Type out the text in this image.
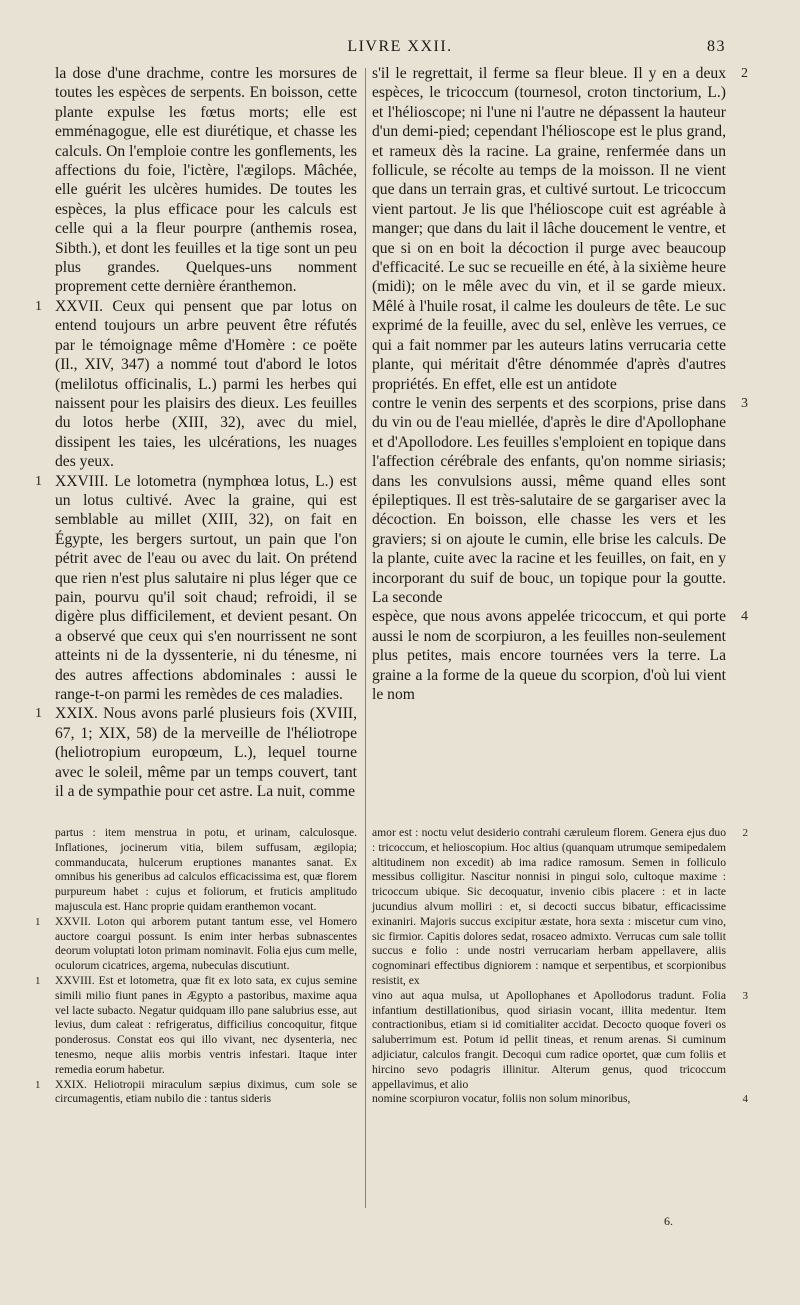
LIVRE XXII.	83

la dose d'une drachme, contre les morsures de toutes les espèces de serpents. En boisson, cette plante expulse les fœtus morts; elle est emménagogue, elle est diurétique, et chasse les calculs. On l'emploie contre les gonflements, les affections du foie, l'ictère, l'ægilops. Mâchée, elle guérit les ulcères humides. De toutes les espèces, la plus efficace pour les calculs est celle qui a la fleur pourpre (anthemis rosea, Sibth.), et dont les feuilles et la tige sont un peu plus grandes. Quelques-uns nomment proprement cette dernière éranthemon.

1 XXVII. Ceux qui pensent que par lotus on entend toujours un arbre peuvent être réfutés par le témoignage même d'Homère : ce poëte (Il., XIV, 347) a nommé tout d'abord le lotos (melilotus officinalis, L.) parmi les herbes qui naissent pour les plaisirs des dieux. Les feuilles du lotos herbe (XIII, 32), avec du miel, dissipent les taies, les ulcérations, les nuages des yeux.

1 XXVIII. Le lotometra (nymphœa lotus, L.) est un lotus cultivé. Avec la graine, qui est semblable au millet (XIII, 32), on fait en Égypte, les bergers surtout, un pain que l'on pétrit avec de l'eau ou avec du lait. On prétend que rien n'est plus salutaire ni plus léger que ce pain, pourvu qu'il soit chaud; refroidi, il se digère plus difficilement, et devient pesant. On a observé que ceux qui s'en nourrissent ne sont atteints ni de la dyssenterie, ni du ténesme, ni des autres affections abdominales : aussi le range-t-on parmi les remèdes de ces maladies.

1 XXIX. Nous avons parlé plusieurs fois (XVIII, 67, 1; XIX, 58) de la merveille de l'héliotrope (heliotropium europœum, L.), lequel tourne avec le soleil, même par un temps couvert, tant il a de sympathie pour cet astre. La nuit, comme

2

s'il le regrettait, il ferme sa fleur bleue. Il y en a deux espèces, le tricoccum (tournesol, croton tinctorium, L.) et l'hélioscope; ni l'une ni l'autre ne dépassent la hauteur d'un demi-pied; cependant l'hélioscope est le plus grand, et rameux dès la racine. La graine, renfermée dans un follicule, se récolte au temps de la moisson. Il ne vient que dans un terrain gras, et cultivé surtout. Le tricoccum vient partout. Je lis que l'hélioscope cuit est agréable à manger; que dans du lait il lâche doucement le ventre, et que si on en boit la décoction il purge avec beaucoup d'efficacité. Le suc se recueille en été, à la sixième heure (midi); on le mêle avec du vin, et il se garde mieux. Mêlé à l'huile rosat, il calme les douleurs de tête. Le suc exprimé de la feuille, avec du sel, enlève les verrues, ce qui a fait nommer par les auteurs latins verrucaria cette plante, qui méritait d'être dénommée d'après d'autres propriétés. En effet, elle est un antidote

3

contre le venin des serpents et des scorpions, prise dans du vin ou de l'eau miellée, d'après le dire d'Apollophane et d'Apollodore. Les feuilles s'emploient en topique dans l'affection cérébrale des enfants, qu'on nomme siriasis; dans les convulsions aussi, même quand elles sont épileptiques. Il est très-salutaire de se gargariser avec la décoction. En boisson, elle chasse les vers et les graviers; si on ajoute le cumin, elle brise les calculs. De la plante, cuite avec la racine et les feuilles, on fait, en y incorporant du suif de bouc, un topique pour la goutte. La seconde

4

espèce, que nous avons appelée tricoccum, et qui porte aussi le nom de scorpiuron, a les feuilles non-seulement plus petites, mais encore tournées vers la terre. La graine a la forme de la queue du scorpion, d'où lui vient le nom

partus : item menstrua in potu, et urinam, calculosque. Inflationes, jocinerum vitia, bilem suffusam, ægilopia; commanducata, hulcerum eruptiones manantes sanat. Ex omnibus his generibus ad calculos efficacissima est, quæ florem purpureum habet : cujus et foliorum, et fruticis amplitudo majuscula est. Hanc proprie quidam eranthemon vocant.

1 XXVII. Loton qui arborem putant tantum esse, vel Homero auctore coargui possunt. Is enim inter herbas subnascentes deorum voluptati loton primam nominavit. Folia ejus cum melle, oculorum cicatrices, argema, nubeculas discutiunt.

1 XXVIII. Est et lotometra, quæ fit ex loto sata, ex cujus semine simili milio fiunt panes in Ægypto a pastoribus, maxime aqua vel lacte subacto. Negatur quidquam illo pane salubrius esse, aut levius, dum caleat : refrigeratus, difficilius concoquitur, fitque ponderosus. Constat eos qui illo vivant, nec dysenteria, nec tenesmo, neque aliis morbis ventris infestari. Itaque inter remedia eorum habetur.

1 XXIX. Heliotropii miraculum sæpius diximus, cum sole se circumagentis, etiam nubilo die : tantus sideris

2

amor est : noctu velut desiderio contrahi cæruleum florem. Genera ejus duo : tricoccum, et helioscopium. Hoc altius (quanquam utrumque semipedalem altitudinem non excedit) ab ima radice ramosum. Semen in folliculo messibus colligitur. Nascitur nonnisi in pingui solo, cultoque maxime : tricoccum ubique. Sic decoquatur, invenio cibis placere : et in lacte jucundius alvum molliri : et, si decocti succus bibatur, efficacissime exinaniri. Majoris succus excipitur æstate, hora sexta : miscetur cum vino, sic firmior. Capitis dolores sedat, rosaceo admixto. Verrucas cum sale tollit succus e folio : unde nostri verrucariam herbam appellavere, aliis cognominari effectibus digniorem : namque et serpentibus, et scorpionibus resistit, ex

3

vino aut aqua mulsa, ut Apollophanes et Apollodorus tradunt. Folia infantium destillationibus, quod siriasin vocant, illita medentur. Item contractionibus, etiam si id comitialiter accidat. Decocto quoque foveri os saluberrimum est. Potum id pellit tineas, et renum arenas. Si cuminum adjiciatur, calculos frangit. Decoqui cum radice oportet, quæ cum foliis et hircino sevo podagris illinitur. Alterum genus, quod tricoccum appellavimus, et alio

4

nomine scorpiuron vocatur, foliis non solum minoribus,

6.
